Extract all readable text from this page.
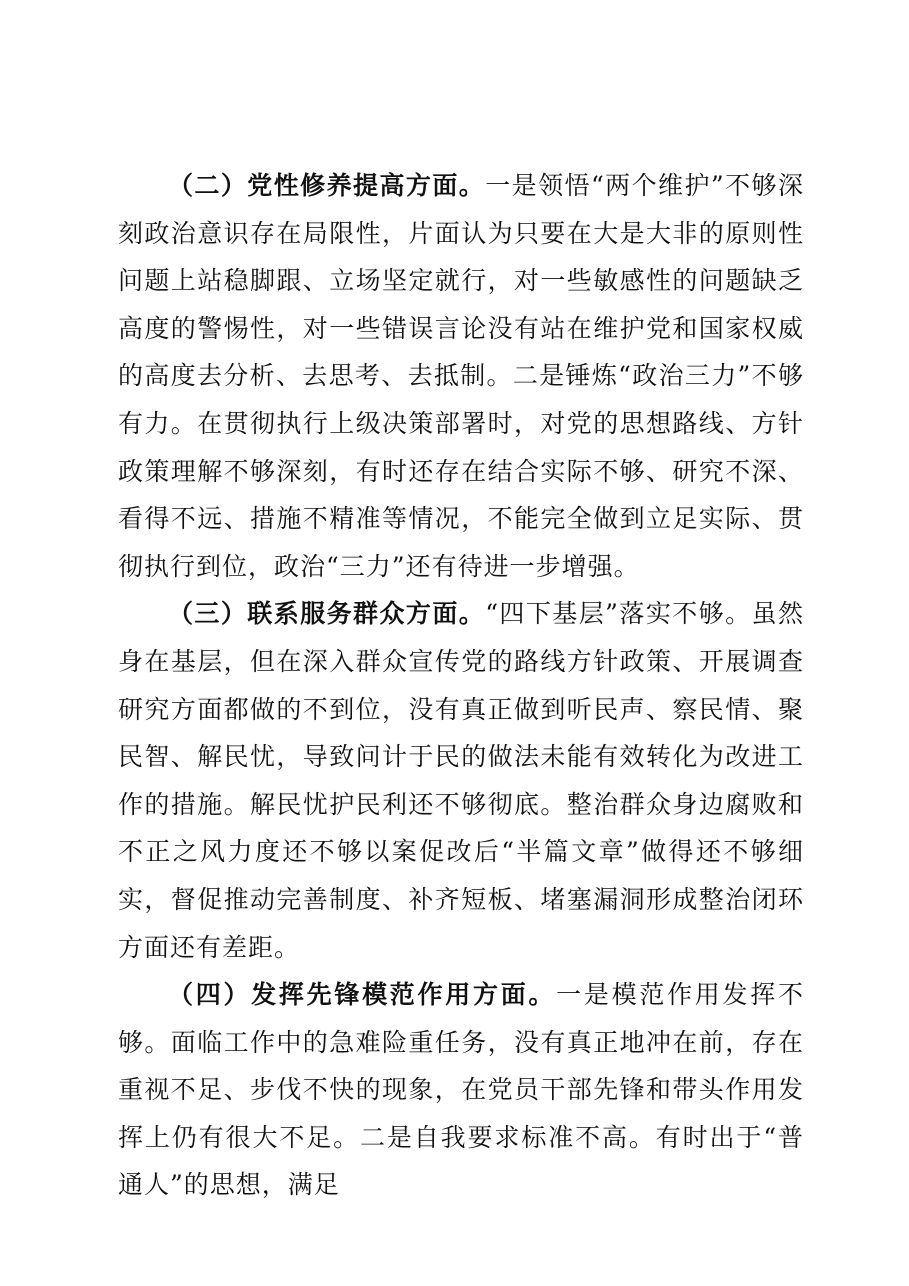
（二）党性修养提高方面。一是领悟“两个维护”不够深刻政治意识存在局限性，片面认为只要在大是大非的原则性问题上站稳脚跟、立场坚定就行，对一些敏感性的问题缺乏高度的警惕性，对一些错误言论没有站在维护党和国家权威的高度去分析、去思考、去抵制。二是锤炼“政治三力”不够有力。在贯彻执行上级决策部署时，对党的思想路线、方针政策理解不够深刻，有时还存在结合实际不够、研究不深、看得不远、措施不精准等情况，不能完全做到立足实际、贯彻执行到位，政治“三力”还有待进一步增强。

（三）联系服务群众方面。“四下基层”落实不够。虽然身在基层，但在深入群众宣传党的路线方针政策、开展调查研究方面都做的不到位，没有真正做到听民声、察民情、聚民智、解民忧，导致问计于民的做法未能有效转化为改进工作的措施。解民忧护民利还不够彻底。整治群众身边腐败和不正之风力度还不够以案促改后“半篇文章”做得还不够细实，督促推动完善制度、补齐短板、堵塞漏洞形成整治闭环方面还有差距。

（四）发挥先锋模范作用方面。一是模范作用发挥不够。面临工作中的急难险重任务，没有真正地冲在前，存在重视不足、步伐不快的现象，在党员干部先锋和带头作用发挥上仍有很大不足。二是自我要求标准不高。有时出于“普通人”的思想，满足
